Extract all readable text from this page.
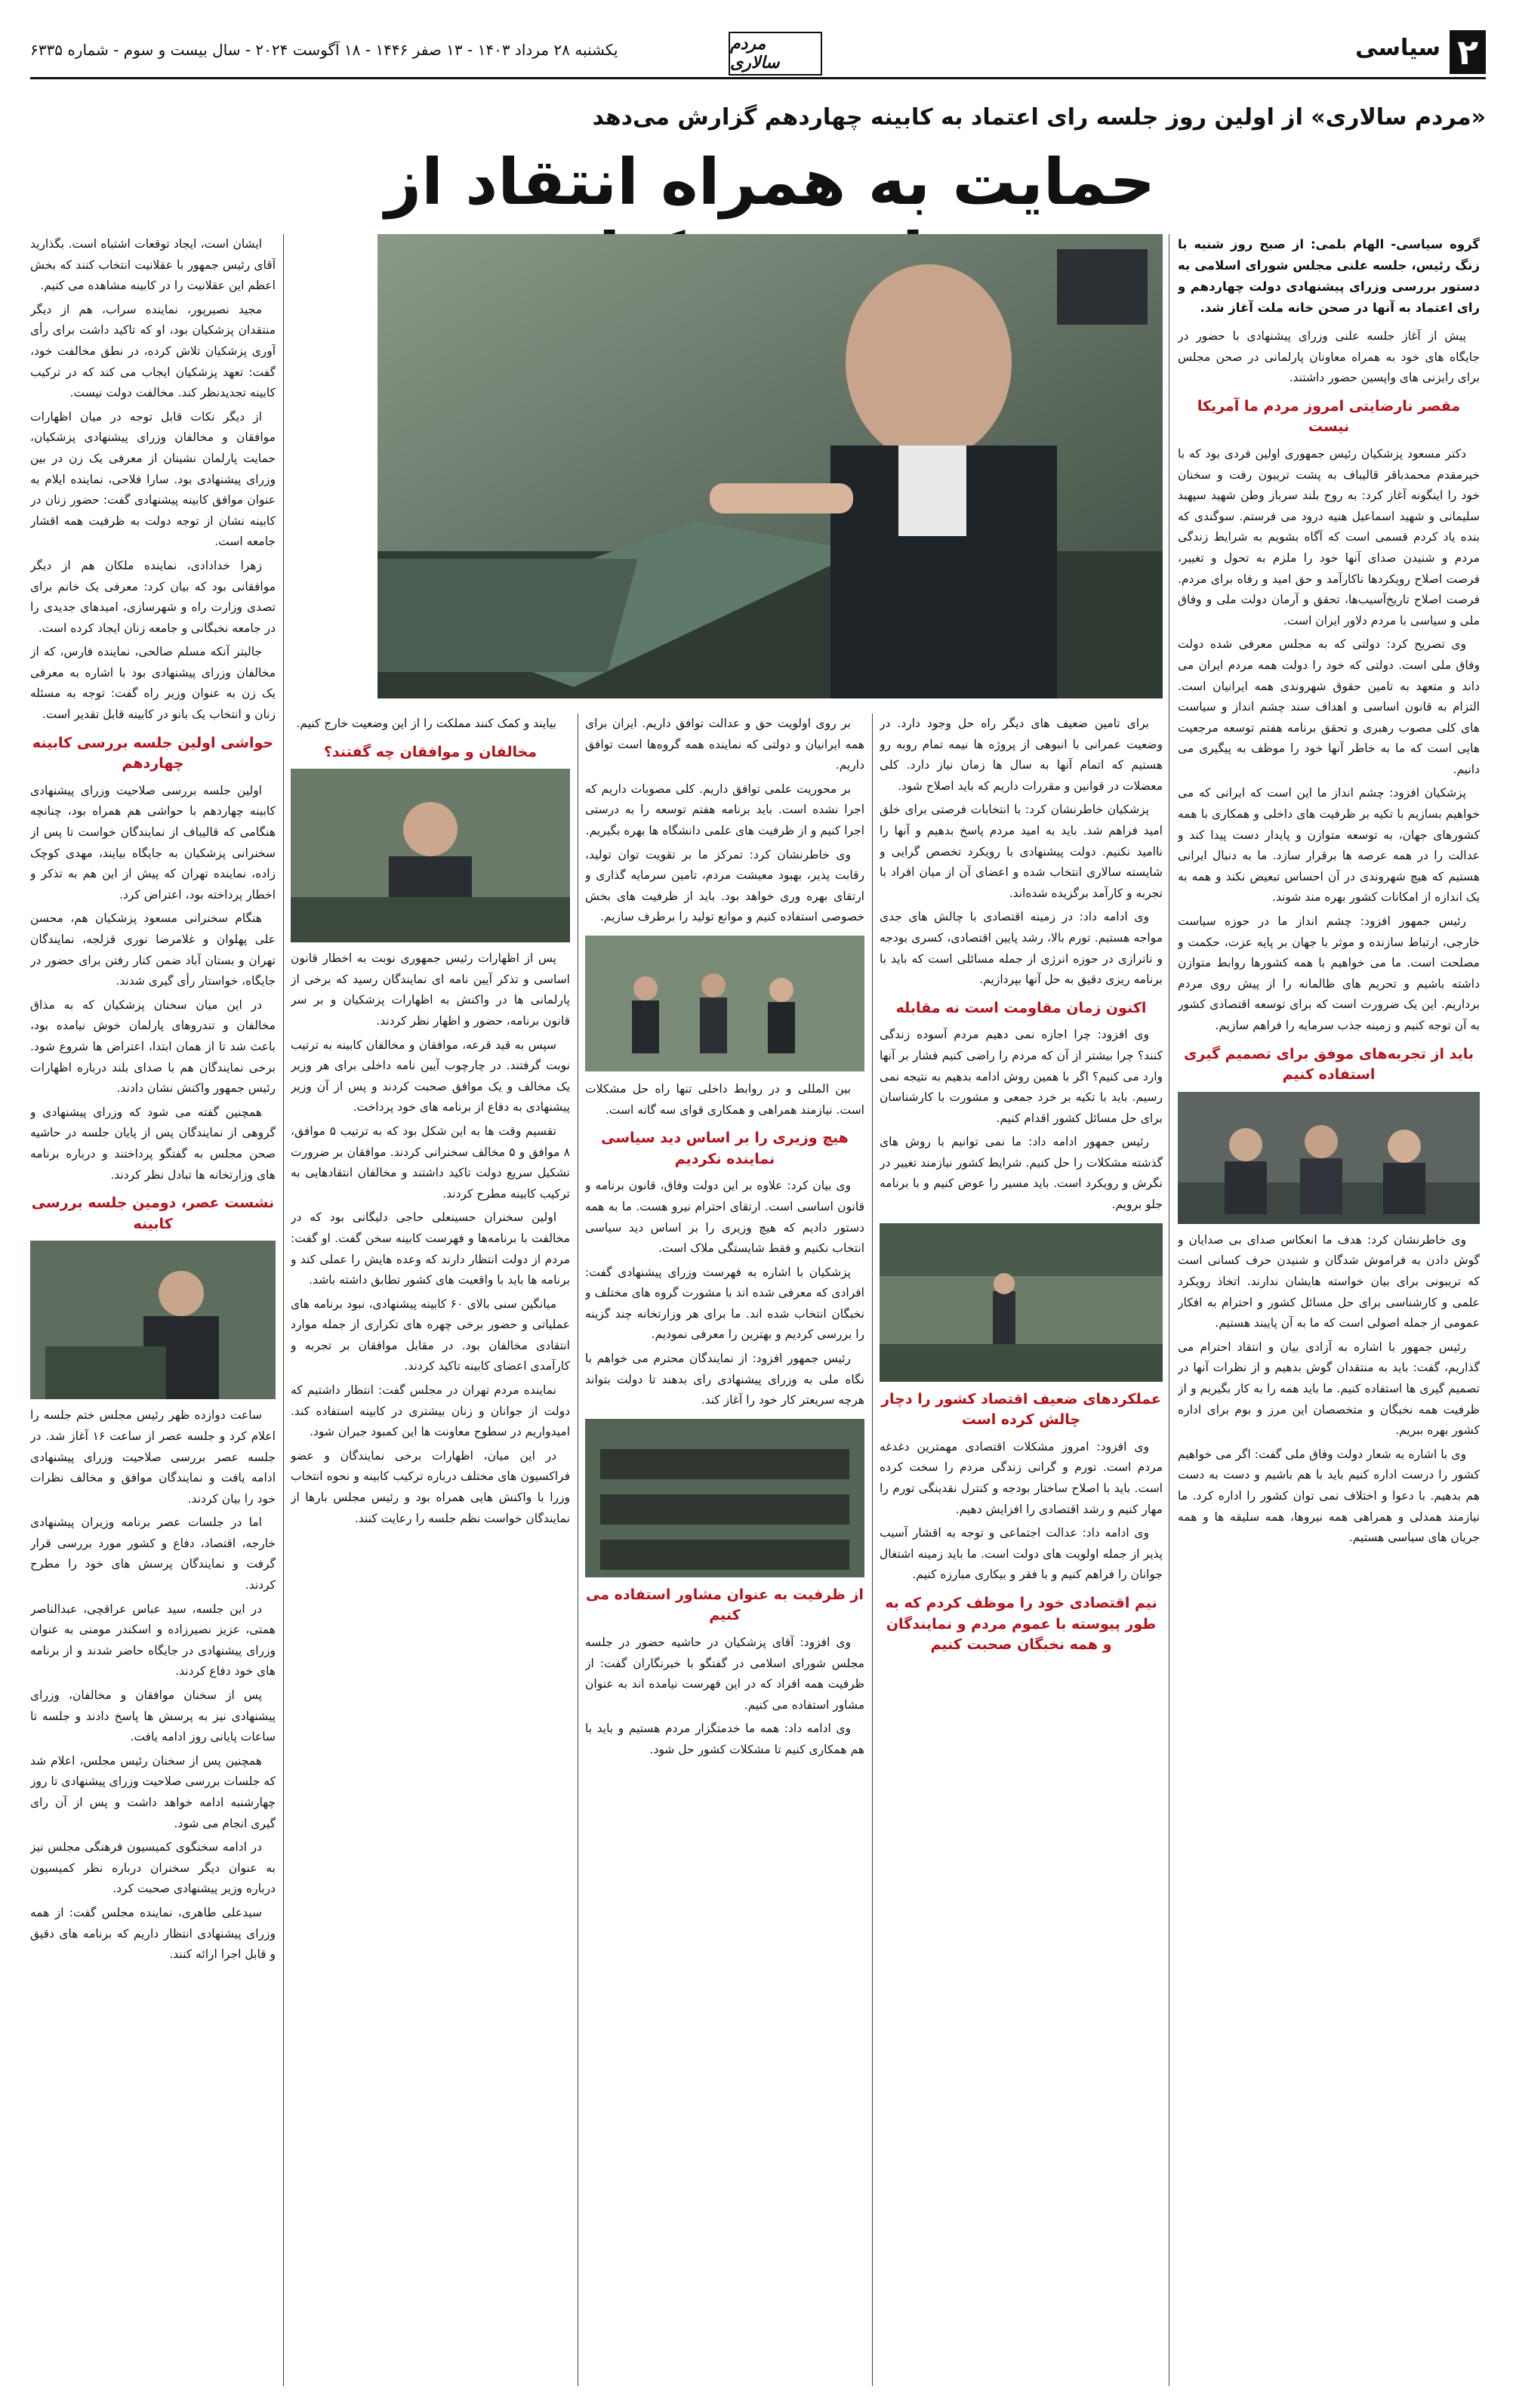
۲
سیاسی
مردم سالاری
یکشنبه ۲۸ مرداد ۱۴۰۳ - ۱۳ صفر ۱۴۴۶ - ۱۸ آگوست ۲۰۲۴ - سال بیست و سوم - شماره ۶۳۳۵
«مردم سالاری» از اولین روز جلسه رای اعتماد به کابینه چهاردهم گزارش می‌دهد
حمایت به همراه انتقاد از
گروه سیاسی- الهام بلمی: از صبح روز شنبه با زنگ رئیس، جلسه علنی مجلس شورای اسلامی به دستور بررسی وزرای پیشنهادی دولت چهاردهم و رای اعتماد به آنها در صحن خانه ملت آغاز شد.

پیش از آغاز جلسه علنی وزرای پیشنهادی با حضور در جایگاه های خود به همراه معاونان پارلمانی در صحن مجلس برای رایزنی های واپسین حضور داشتند.

مقصر نارضایتی امروز مردم ما آمریکا نیست

دکتر مسعود پزشکیان رئیس جمهوری اولین فردی بود که با خیرمقدم محمدباقر قالیباف به پشت تریبون رفت و سخنان خود را اینگونه آغاز کرد: به روح بلند سرباز وطن شهید سپهبد سلیمانی و شهید اسماعیل هنیه درود می فرستم. سوگندی که بنده یاد کردم قسمی است که آگاه بشویم به شرایط زندگی مردم و شنیدن صدای آنها خود را ملزم به تحول و تغییر، فرصت اصلاح رویکردها ناکارآمد و حق امید و رفاه برای مردم. فرصت اصلاح تاریخ‌آسیب‌ها، تحقق و آرمان دولت ملی و وفاق ملی و سیاسی با مردم دلاور ایران است.

وی تصریح کرد: دولتی که به مجلس معرفی شده دولت وفاق ملی است. دولتی که خود را دولت همه مردم ایران می داند و متعهد به تامین حقوق شهروندی همه ایرانیان است. التزام به قانون اساسی و اهداف سند چشم انداز و سیاست های کلی مصوب رهبری و تحقق برنامه هفتم توسعه مرجعیت هایی است که ما به خاطر آنها خود را موظف به پیگیری می دانیم.

پزشکیان افزود: چشم انداز ما این است که ایرانی که می خواهیم بسازیم با تکیه بر ظرفیت های داخلی و همکاری با همه کشورهای جهان، به توسعه متوازن و پایدار دست پیدا کند و عدالت را در همه عرصه ها برقرار سازد. ما به دنبال ایرانی هستیم که هیچ شهروندی در آن احساس تبعیض نکند و همه به یک اندازه از امکانات کشور بهره مند شوند.

رئیس جمهور افزود: چشم انداز ما در حوزه سیاست خارجی، ارتباط سازنده و موثر با جهان بر پایه عزت، حکمت و مصلحت است. ما می خواهیم با همه کشورها روابط متوازن داشته باشیم و تحریم های ظالمانه را از پیش روی مردم برداریم. این یک ضرورت است که برای توسعه اقتصادی کشور به آن توجه کنیم و زمینه جذب سرمایه را فراهم سازیم.

باید از تجربه‌های موفق برای تصمیم گیری استفاده کنیم

وی خاطرنشان کرد: هدف ما انعکاس صدای بی صدایان و گوش دادن به فراموش شدگان و شنیدن حرف کسانی است که تریبونی برای بیان خواسته هایشان ندارند. اتخاذ رویکرد علمی و کارشناسی برای حل مسائل کشور و احترام به افکار عمومی از جمله اصولی است که ما به آن پایبند هستیم.

رئیس جمهور با اشاره به آزادی بیان و انتقاد احترام می گذاریم، گفت: باید به منتقدان گوش بدهیم و از نظرات آنها در تصمیم گیری ها استفاده کنیم. ما باید همه را به کار بگیریم و از ظرفیت همه نخبگان و متخصصان این مرز و بوم برای اداره کشور بهره ببریم.

وی با اشاره به شعار دولت وفاق ملی گفت: اگر می خواهیم کشور را درست اداره کنیم باید با هم باشیم و دست به دست هم بدهیم. با دعوا و اختلاف نمی توان کشور را اداره کرد. ما نیازمند همدلی و همراهی همه نیروها، همه سلیقه ها و همه جریان های سیاسی هستیم.

برای تامین ضعیف های دیگر راه حل وجود دارد. در وضعیت عمرانی با انبوهی از پروژه ها نیمه تمام روبه رو هستیم که اتمام آنها به سال ها زمان نیاز دارد. کلی معضلات در قوانین و مقررات داریم که باید اصلاح شود.

پزشکیان خاطرنشان کرد: با انتخابات فرصتی برای خلق امید فراهم شد. باید به امید مردم پاسخ بدهیم و آنها را ناامید نکنیم. دولت پیشنهادی با رویکرد تخصص گرایی و شایسته سالاری انتخاب شده و اعضای آن از میان افراد با تجربه و کارآمد برگزیده شده‌اند.

وی ادامه داد: در زمینه اقتصادی با چالش های جدی مواجه هستیم. تورم بالا، رشد پایین اقتصادی، کسری بودجه و ناترازی در حوزه انرژی از جمله مسائلی است که باید با برنامه ریزی دقیق به حل آنها بپردازیم.

اکنون زمان مقاومت است نه مقابله

وی افزود: چرا اجازه نمی دهیم مردم آسوده زندگی کنند؟ چرا بیشتر از آن که مردم را راضی کنیم فشار بر آنها وارد می کنیم؟ اگر با همین روش ادامه بدهیم به نتیجه نمی رسیم. باید با تکیه بر خرد جمعی و مشورت با کارشناسان برای حل مسائل کشور اقدام کنیم.

رئیس جمهور ادامه داد: ما نمی توانیم با روش های گذشته مشکلات را حل کنیم. شرایط کشور نیازمند تغییر در نگرش و رویکرد است. باید مسیر را عوض کنیم و با برنامه جلو برویم.

عملکرد‌های ضعیف اقتصاد کشور را دچار چالش کرده است

وی افزود: امروز مشکلات اقتصادی مهمترین دغدغه مردم است. تورم و گرانی زندگی مردم را سخت کرده است. باید با اصلاح ساختار بودجه و کنترل نقدینگی تورم را مهار کنیم و رشد اقتصادی را افزایش دهیم.

وی ادامه داد: عدالت اجتماعی و توجه به اقشار آسیب پذیر از جمله اولویت های دولت است. ما باید زمینه اشتغال جوانان را فراهم کنیم و با فقر و بیکاری مبارزه کنیم.

نیم اقتصادی خود را موظف کردم که به طور پیوسته با عموم مردم و نمایندگان و همه نخبگان صحبت کنیم

بر روی اولویت حق و عدالت توافق داریم. ایران برای همه ایرانیان و دولتی که نماینده همه گروه‌ها است توافق داریم.

بر محوریت علمی توافق داریم. کلی مصوبات داریم که اجرا نشده است. باید برنامه هفتم توسعه را به درستی اجرا کنیم و از ظرفیت های علمی دانشگاه ها بهره بگیریم.

وی خاطرنشان کرد: تمرکز ما بر تقویت توان تولید، رقابت پذیر، بهبود معیشت مردم، تامین سرمایه گذاری و ارتقای بهره وری خواهد بود. باید از ظرفیت های بخش خصوصی استفاده کنیم و موانع تولید را برطرف سازیم.

بین المللی و در روابط داخلی تنها راه حل مشکلات است. نیازمند همراهی و همکاری قوای سه گانه است.

هیچ وزیری را بر اساس دید سیاسی نماینده نکردیم

وی بیان کرد: علاوه بر این دولت وفاق، قانون برنامه و قانون اساسی است. ارتقای احترام نیرو هست. ما به همه دستور دادیم که هیچ وزیری را بر اساس دید سیاسی انتخاب نکنیم و فقط شایستگی ملاک است.

پزشکیان با اشاره به فهرست وزرای پیشنهادی گفت: افرادی که معرفی شده اند با مشورت گروه های مختلف و نخبگان انتخاب شده اند. ما برای هر وزارتخانه چند گزینه را بررسی کردیم و بهترین را معرفی نمودیم.

رئیس جمهور افزود: از نمایندگان محترم می خواهم با نگاه ملی به وزرای پیشنهادی رای بدهند تا دولت بتواند هرچه سریعتر کار خود را آغاز کند.

از ظرفیت به عنوان مشاور استفاده می کنیم

وی افزود: آقای پزشکیان در حاشیه حضور در جلسه مجلس شورای اسلامی در گفتگو با خبرنگاران گفت: از ظرفیت همه افراد که در این فهرست نیامده اند به عنوان مشاور استفاده می کنیم.

وی ادامه داد: همه ما خدمتگزار مردم هستیم و باید با هم همکاری کنیم تا مشکلات کشور حل شود.

بیایند و کمک کنند مملکت را از این وضعیت خارج کنیم.

مخالفان و موافقان چه گفتند؟

پس از اظهارات رئیس جمهوری نوبت به اخطار قانون اساسی و تذکر آیین نامه ای نمایندگان رسید که برخی از پارلمانی ها در واکنش به اظهارات پزشکیان و بر سر قانون برنامه، حضور و اظهار نظر کردند.

سپس به قید قرعه، موافقان و مخالفان کابینه به ترتیب نوبت گرفتند. در چارچوب آیین نامه داخلی برای هر وزیر یک مخالف و یک موافق صحبت کردند و پس از آن وزیر پیشنهادی به دفاع از برنامه های خود پرداخت.

تقسیم وقت ها به این شکل بود که به ترتیب ۵ موافق، ۸ موافق و ۵ مخالف سخنرانی کردند. موافقان بر ضرورت تشکیل سریع دولت تاکید داشتند و مخالفان انتقادهایی به ترکیب کابینه مطرح کردند.

اولین سخنران حسینعلی حاجی دلیگانی بود که در مخالفت با برنامه‌ها و فهرست کابینه سخن گفت. او گفت: مردم از دولت انتظار دارند که وعده هایش را عملی کند و برنامه ها باید با واقعیت های کشور تطابق داشته باشد.

میانگین سنی بالای ۶۰ کابینه پیشنهادی، نبود برنامه های عملیاتی و حضور برخی چهره های تکراری از جمله موارد انتقادی مخالفان بود. در مقابل موافقان بر تجربه و کارآمدی اعضای کابینه تاکید کردند.

نماینده مردم تهران در مجلس گفت: انتظار داشتیم که دولت از جوانان و زنان بیشتری در کابینه استفاده کند. امیدواریم در سطوح معاونت ها این کمبود جبران شود.

در این میان، اظهارات برخی نمایندگان و عضو فراکسیون های مختلف درباره ترکیب کابینه و نحوه انتخاب وزرا با واکنش هایی همراه بود و رئیس مجلس بارها از نمایندگان خواست نظم جلسه را رعایت کنند.

ایشان است، ایجاد توقعات اشتباه است. بگذارید آقای رئیس جمهور با عقلانیت انتخاب کنند که بخش اعظم این عقلانیت را در کابینه مشاهده می کنیم.

مجید نصیرپور، نماینده سراب، هم از دیگر منتقدان پزشکیان بود، او که تاکید داشت برای رأی آوری پزشکیان تلاش کرده، در نطق مخالفت خود، گفت: تعهد پزشکیان ایجاب می کند که در ترکیب کابینه تجدیدنظر کند. مخالفت دولت نیست.

از دیگر نکات قابل توجه در میان اظهارات موافقان و مخالفان وزرای پیشنهادی پزشکیان، حمایت پارلمان نشینان از معرفی یک زن در بین وزرای پیشنهادی بود. سارا فلاحی، نماینده ایلام به عنوان موافق کابینه پیشنهادی گفت: حضور زنان در کابینه نشان از توجه دولت به ظرفیت همه اقشار جامعه است.

زهرا خدادادی، نماینده ملکان هم از دیگر موافقانی بود که بیان کرد: معرفی یک خانم برای تصدی وزارت راه و شهرسازی، امیدهای جدیدی را در جامعه نخبگانی و جامعه زنان ایجاد کرده است.

جالبتر آنکه مسلم صالحی، نماینده فارس، که از مخالفان وزرای پیشنهادی بود با اشاره به معرفی یک زن به عنوان وزیر راه گفت: توجه به مسئله زنان و انتخاب یک بانو در کابینه قابل تقدیر است.

حواشی اولین جلسه بررسی کابینه چهاردهم

اولین جلسه بررسی صلاحیت وزرای پیشنهادی کابینه چهاردهم با حواشی هم همراه بود، چنانچه هنگامی که قالیباف از نمایندگان خواست تا پس از سخنرانی پزشکیان به جایگاه بیایند، مهدی کوچک زاده، نماینده تهران که پیش از این هم به تذکر و اخطار پرداخته بود، اعتراض کرد.

هنگام سخنرانی مسعود پزشکیان هم، محسن علی پهلوان و غلامرضا نوری قزلجه، نمایندگان تهران و بستان آباد ضمن کنار رفتن برای حضور در جایگاه، خواستار رأی گیری شدند.

در این میان سخنان پزشکیان که به مذاق مخالفان و تندروهای پارلمان خوش نیامده بود، باعث شد تا از همان ابتدا، اعتراض ها شروع شود. برخی نمایندگان هم با صدای بلند درباره اظهارات رئیس جمهور واکنش نشان دادند.

همچنین گفته می شود که وزرای پیشنهادی و گروهی از نمایندگان پس از پایان جلسه در حاشیه صحن مجلس به گفتگو پرداختند و درباره برنامه های وزارتخانه ها تبادل نظر کردند.

نشست عصر، دومین جلسه بررسی کابینه

ساعت دوازده ظهر رئیس مجلس ختم جلسه را اعلام کرد و جلسه عصر از ساعت ۱۶ آغاز شد. در جلسه عصر بررسی صلاحیت وزرای پیشنهادی ادامه یافت و نمایندگان موافق و مخالف نظرات خود را بیان کردند.

اما در جلسات عصر برنامه وزیران پیشنهادی خارجه، اقتصاد، دفاع و کشور مورد بررسی قرار گرفت و نمایندگان پرسش های خود را مطرح کردند.

در این جلسه، سید عباس عراقچی، عبدالناصر همتی، عزیز نصیرزاده و اسکندر مومنی به عنوان وزرای پیشنهادی در جایگاه حاضر شدند و از برنامه های خود دفاع کردند.

پس از سخنان موافقان و مخالفان، وزرای پیشنهادی نیز به پرسش ها پاسخ دادند و جلسه تا ساعات پایانی روز ادامه یافت.

همچنین پس از سخنان رئیس مجلس، اعلام شد که جلسات بررسی صلاحیت وزرای پیشنهادی تا روز چهارشنبه ادامه خواهد داشت و پس از آن رای گیری انجام می شود.

در ادامه سخنگوی کمیسیون فرهنگی مجلس نیز به عنوان دیگر سخنران درباره نظر کمیسیون درباره وزیر پیشنهادی صحبت کرد.

سیدعلی طاهری، نماینده مجلس گفت: از همه وزرای پیشنهادی انتظار داریم که برنامه های دقیق و قابل اجرا ارائه کنند.
